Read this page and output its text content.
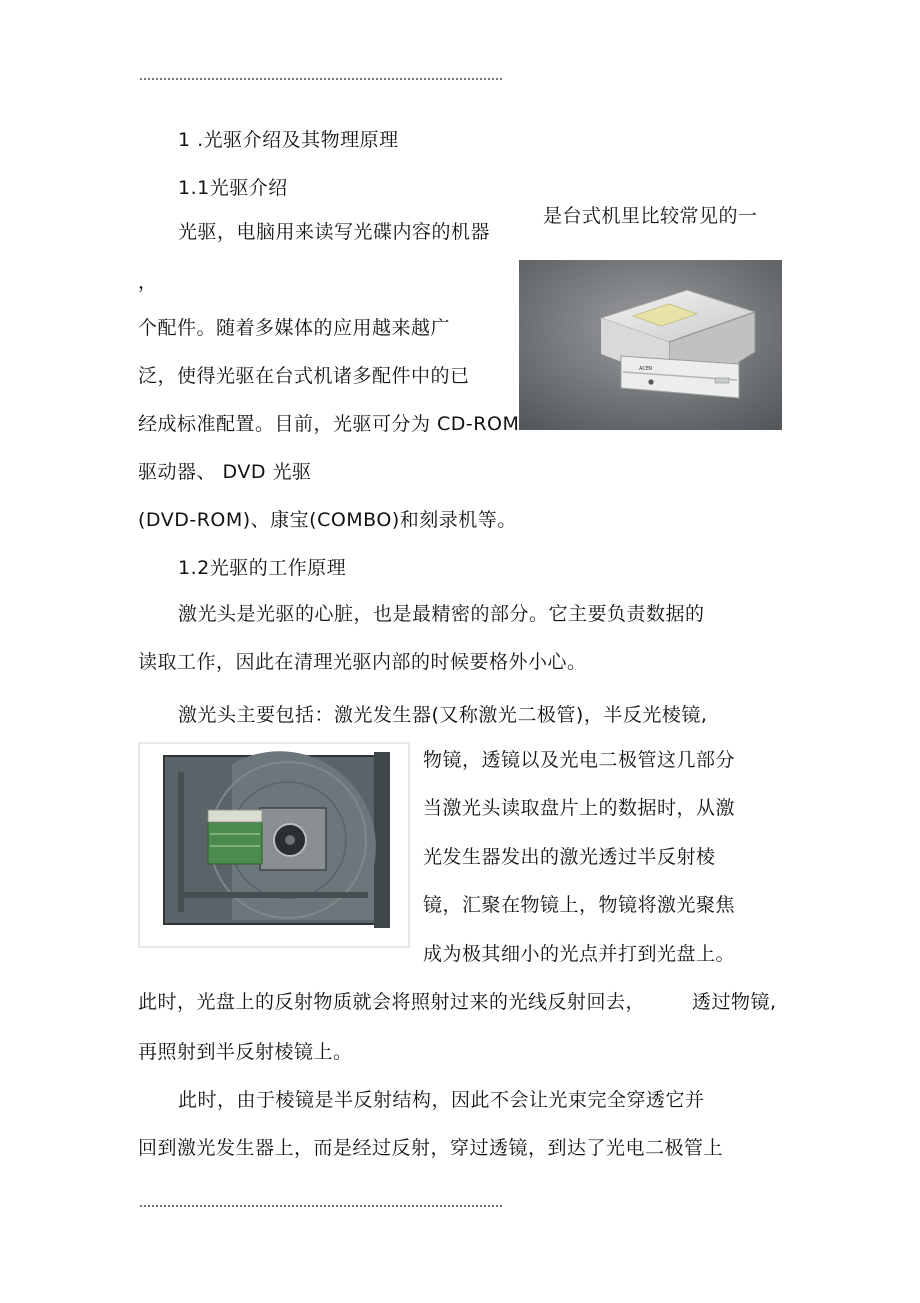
1 .光驱介绍及其物理原理
1.1光驱介绍
光驱，电脑用来读写光碟内容的机器
是台式机里比较常见的一
，
个配件。随着多媒体的应用越来越广
泛，使得光驱在台式机诸多配件中的已
经成标准配置。目前，光驱可分为 CD-ROM
驱动器、 DVD 光驱
(DVD-ROM)、康宝(COMBO)和刻录机等。
ACER
1.2光驱的工作原理
激光头是光驱的心脏，也是最精密的部分。它主要负责数据的
读取工作，因此在清理光驱内部的时候要格外小心。
激光头主要包括：激光发生器(又称激光二极管)，半反光棱镜,
物镜，透镜以及光电二极管这几部分
当激光头读取盘片上的数据时，从激
光发生器发出的激光透过半反射棱
镜，汇聚在物镜上，物镜将激光聚焦
成为极其细小的光点并打到光盘上。
此时，光盘上的反射物质就会将照射过来的光线反射回去， 透过物镜,
再照射到半反射棱镜上。
此时，由于棱镜是半反射结构，因此不会让光束完全穿透它并
回到激光发生器上，而是经过反射，穿过透镜，到达了光电二极管上
